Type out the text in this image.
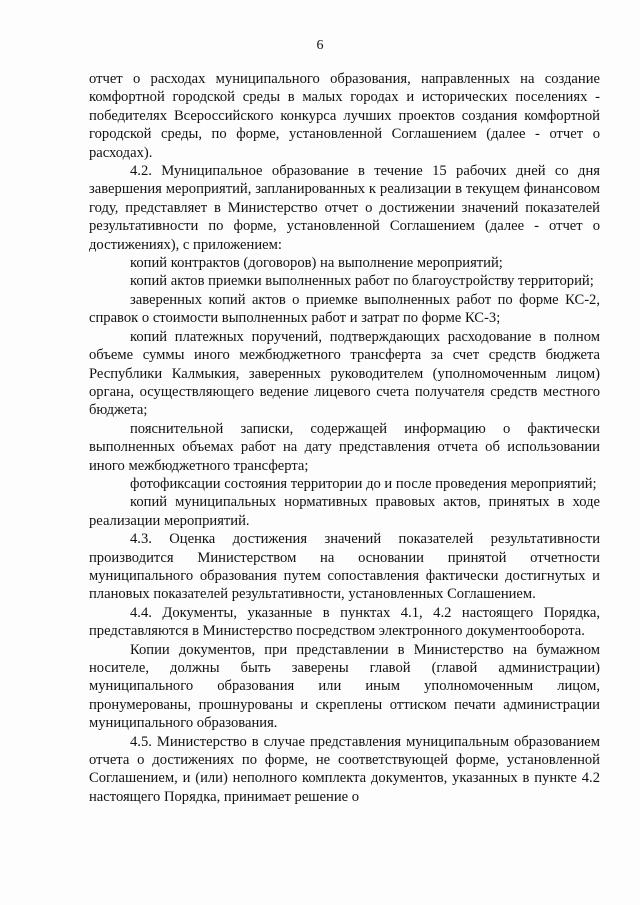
6

отчет о расходах муниципального образования, направленных на создание комфортной городской среды в малых городах и исторических поселениях - победителях Всероссийского конкурса лучших проектов создания комфортной городской среды, по форме, установленной Соглашением (далее - отчет о расходах).

4.2. Муниципальное образование в течение 15 рабочих дней со дня завершения мероприятий, запланированных к реализации в текущем финансовом году, представляет в Министерство отчет о достижении значений показателей результативности по форме, установленной Соглашением (далее - отчет о достижениях), с приложением:

копий контрактов (договоров) на выполнение мероприятий;

копий актов приемки выполненных работ по благоустройству территорий;

заверенных копий актов о приемке выполненных работ по форме КС-2, справок о стоимости выполненных работ и затрат по форме КС-3;

копий платежных поручений, подтверждающих расходование в полном объеме суммы иного межбюджетного трансферта за счет средств бюджета Республики Калмыкия, заверенных руководителем (уполномоченным лицом) органа, осуществляющего ведение лицевого счета получателя средств местного бюджета;

пояснительной записки, содержащей информацию о фактически выполненных объемах работ на дату представления отчета об использовании иного межбюджетного трансферта;

фотофиксации состояния территории до и после проведения мероприятий;

копий муниципальных нормативных правовых актов, принятых в ходе реализации мероприятий.

4.3. Оценка достижения значений показателей результативности производится Министерством на основании принятой отчетности муниципального образования путем сопоставления фактически достигнутых и плановых показателей результативности, установленных Соглашением.

4.4. Документы, указанные в пунктах 4.1, 4.2 настоящего Порядка, представляются в Министерство посредством электронного документооборота.

Копии документов, при представлении в Министерство на бумажном носителе, должны быть заверены главой (главой администрации) муниципального образования или иным уполномоченным лицом, пронумерованы, прошнурованы и скреплены оттиском печати администрации муниципального образования.

4.5. Министерство в случае представления муниципальным образованием отчета о достижениях по форме, не соответствующей форме, установленной Соглашением, и (или) неполного комплекта документов, указанных в пункте 4.2 настоящего Порядка, принимает решение о
